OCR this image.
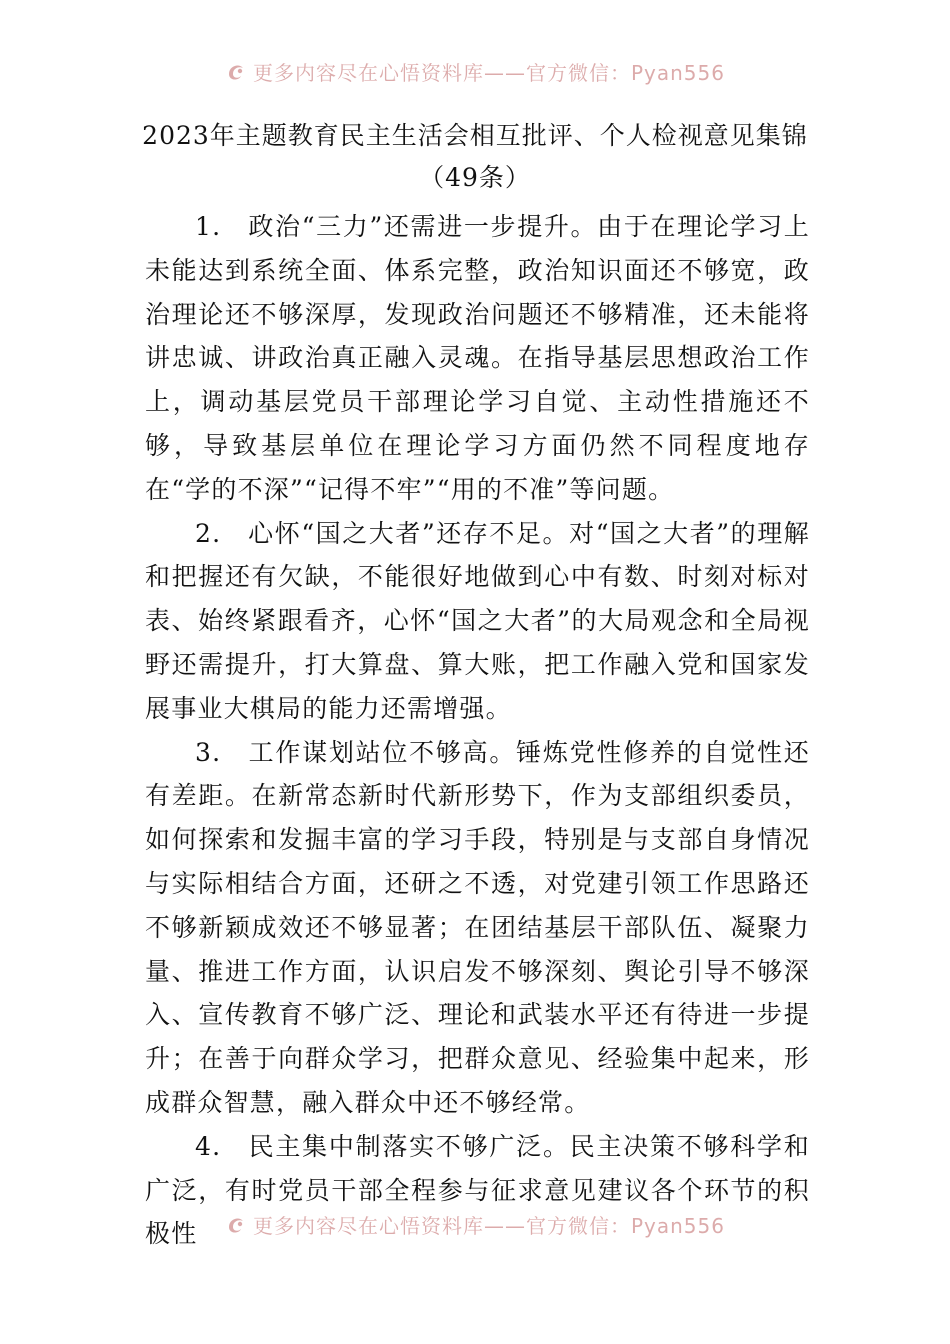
更多内容尽在心悟资料库——官方微信：Pyan556
2023年主题教育民主生活会相互批评、个人检视意见集锦
（49条）

1.　政治“三力”还需进一步提升。由于在理论学习上未能达到系统全面、体系完整，政治知识面还不够宽，政治理论还不够深厚，发现政治问题还不够精准，还未能将讲忠诚、讲政治真正融入灵魂。在指导基层思想政治工作上，调动基层党员干部理论学习自觉、主动性措施还不够，导致基层单位在理论学习方面仍然不同程度地存在“学的不深”“记得不牢”“用的不准”等问题。

2.　心怀“国之大者”还存不足。对“国之大者”的理解和把握还有欠缺，不能很好地做到心中有数、时刻对标对表、始终紧跟看齐，心怀“国之大者”的大局观念和全局视野还需提升，打大算盘、算大账，把工作融入党和国家发展事业大棋局的能力还需增强。

3.　工作谋划站位不够高。锤炼党性修养的自觉性还有差距。在新常态新时代新形势下，作为支部组织委员，如何探索和发掘丰富的学习手段，特别是与支部自身情况与实际相结合方面，还研之不透，对党建引领工作思路还不够新颖成效还不够显著；在团结基层干部队伍、凝聚力量、推进工作方面，认识启发不够深刻、舆论引导不够深入、宣传教育不够广泛、理论和武装水平还有待进一步提升；在善于向群众学习，把群众意见、经验集中起来，形成群众智慧，融入群众中还不够经常。

4.　民主集中制落实不够广泛。民主决策不够科学和广泛，有时党员干部全程参与征求意见建议各个环节的积极性	更多内容尽在心悟资料库——官方微信：Pyan556
